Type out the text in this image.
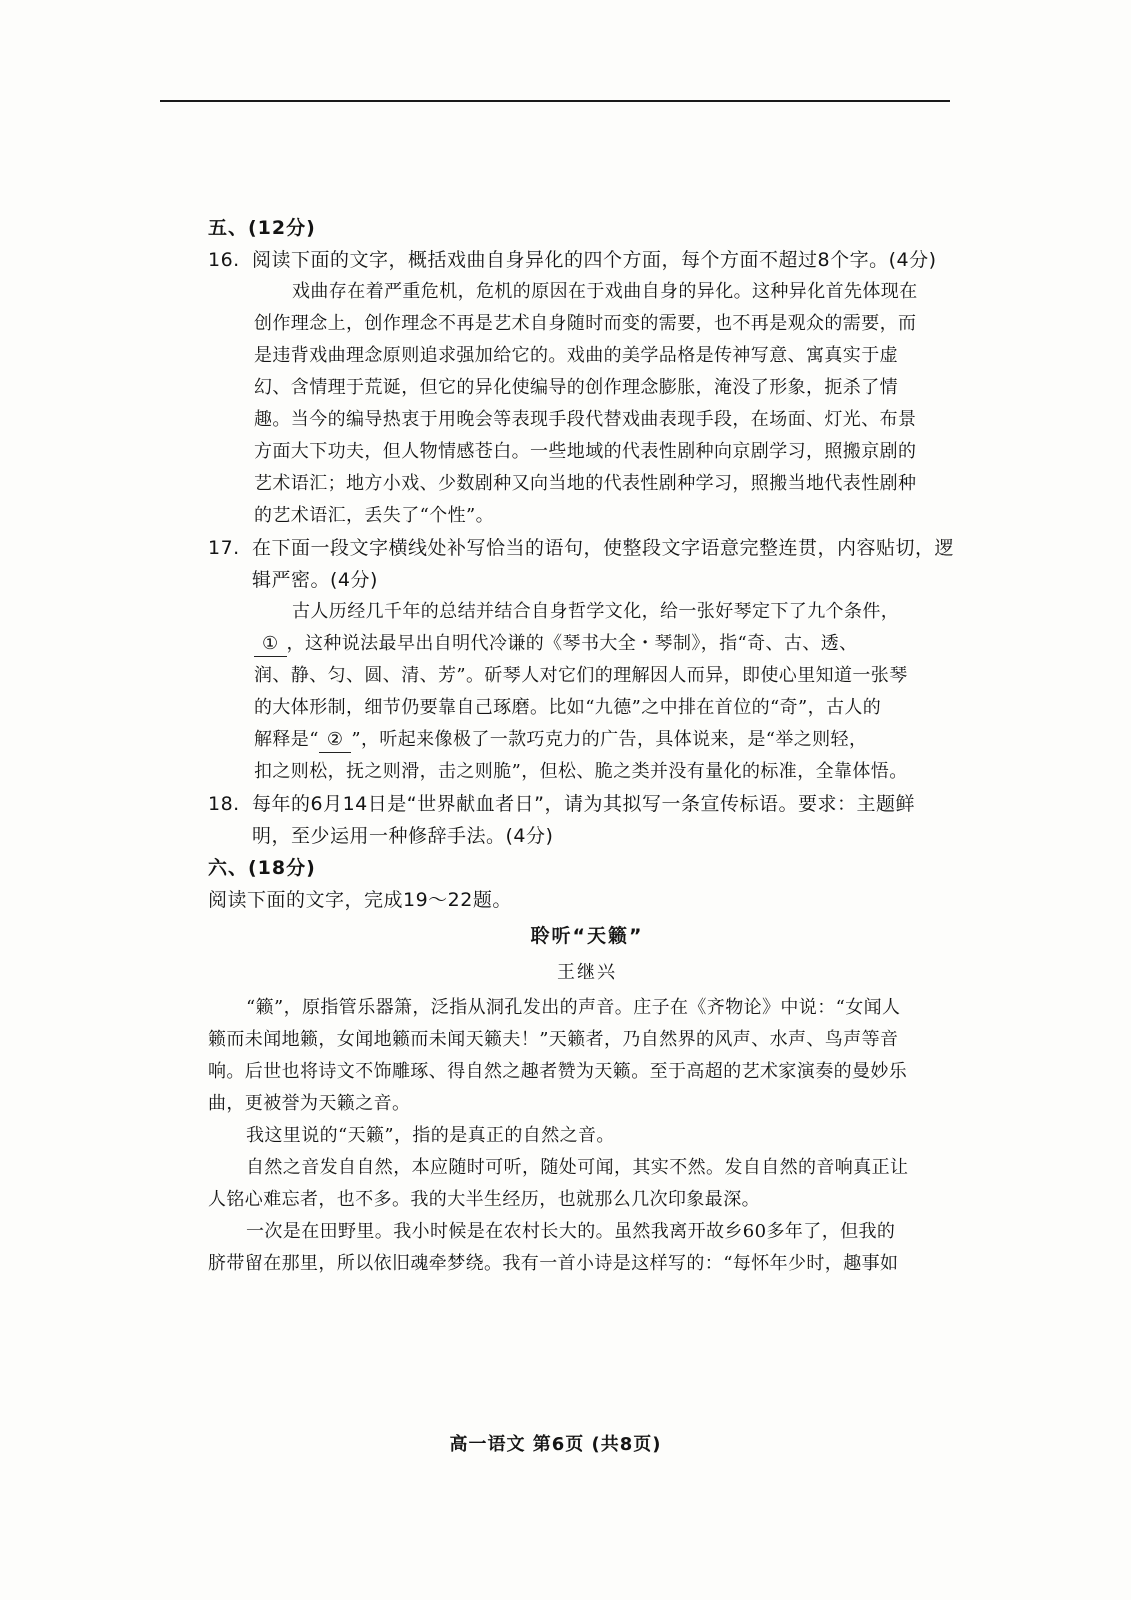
五、(12分)
16. 阅读下面的文字，概括戏曲自身异化的四个方面，每个方面不超过8个字。(4分)
戏曲存在着严重危机，危机的原因在于戏曲自身的异化。这种异化首先体现在
创作理念上，创作理念不再是艺术自身随时而变的需要，也不再是观众的需要，而
是违背戏曲理念原则追求强加给它的。戏曲的美学品格是传神写意、寓真实于虚
幻、含情理于荒诞，但它的异化使编导的创作理念膨胀，淹没了形象，扼杀了情
趣。当今的编导热衷于用晚会等表现手段代替戏曲表现手段，在场面、灯光、布景
方面大下功夫，但人物情感苍白。一些地域的代表性剧种向京剧学习，照搬京剧的
艺术语汇；地方小戏、少数剧种又向当地的代表性剧种学习，照搬当地代表性剧种
的艺术语汇，丢失了“个性”。
17. 在下面一段文字横线处补写恰当的语句，使整段文字语意完整连贯，内容贴切，逻
辑严密。(4分)
古人历经几千年的总结并结合自身哲学文化，给一张好琴定下了九个条件，
① ，这种说法最早出自明代冷谦的《琴书大全・琴制》，指“奇、古、透、
润、静、匀、圆、清、芳”。斫琴人对它们的理解因人而异，即使心里知道一张琴
的大体形制，细节仍要靠自己琢磨。比如“九德”之中排在首位的“奇”，古人的
解释是“ ② ”，听起来像极了一款巧克力的广告，具体说来，是“举之则轻，
扣之则松，抚之则滑，击之则脆”，但松、脆之类并没有量化的标准，全靠体悟。
18. 每年的6月14日是“世界献血者日”，请为其拟写一条宣传标语。要求：主题鲜
明，至少运用一种修辞手法。(4分)
六、(18分)
阅读下面的文字，完成19～22题。
聆听“天籁”
王继兴
“籁”，原指管乐器箫，泛指从洞孔发出的声音。庄子在《齐物论》中说：“女闻人
籁而未闻地籁，女闻地籁而未闻天籁夫！”天籁者，乃自然界的风声、水声、鸟声等音
响。后世也将诗文不饰雕琢、得自然之趣者赞为天籁。至于高超的艺术家演奏的曼妙乐
曲，更被誉为天籁之音。
我这里说的“天籁”，指的是真正的自然之音。
自然之音发自自然，本应随时可听，随处可闻，其实不然。发自自然的音响真正让
人铭心难忘者，也不多。我的大半生经历，也就那么几次印象最深。
一次是在田野里。我小时候是在农村长大的。虽然我离开故乡60多年了，但我的
脐带留在那里，所以依旧魂牵梦绕。我有一首小诗是这样写的：“每怀年少时，趣事如
高一语文 第6页 (共8页)
